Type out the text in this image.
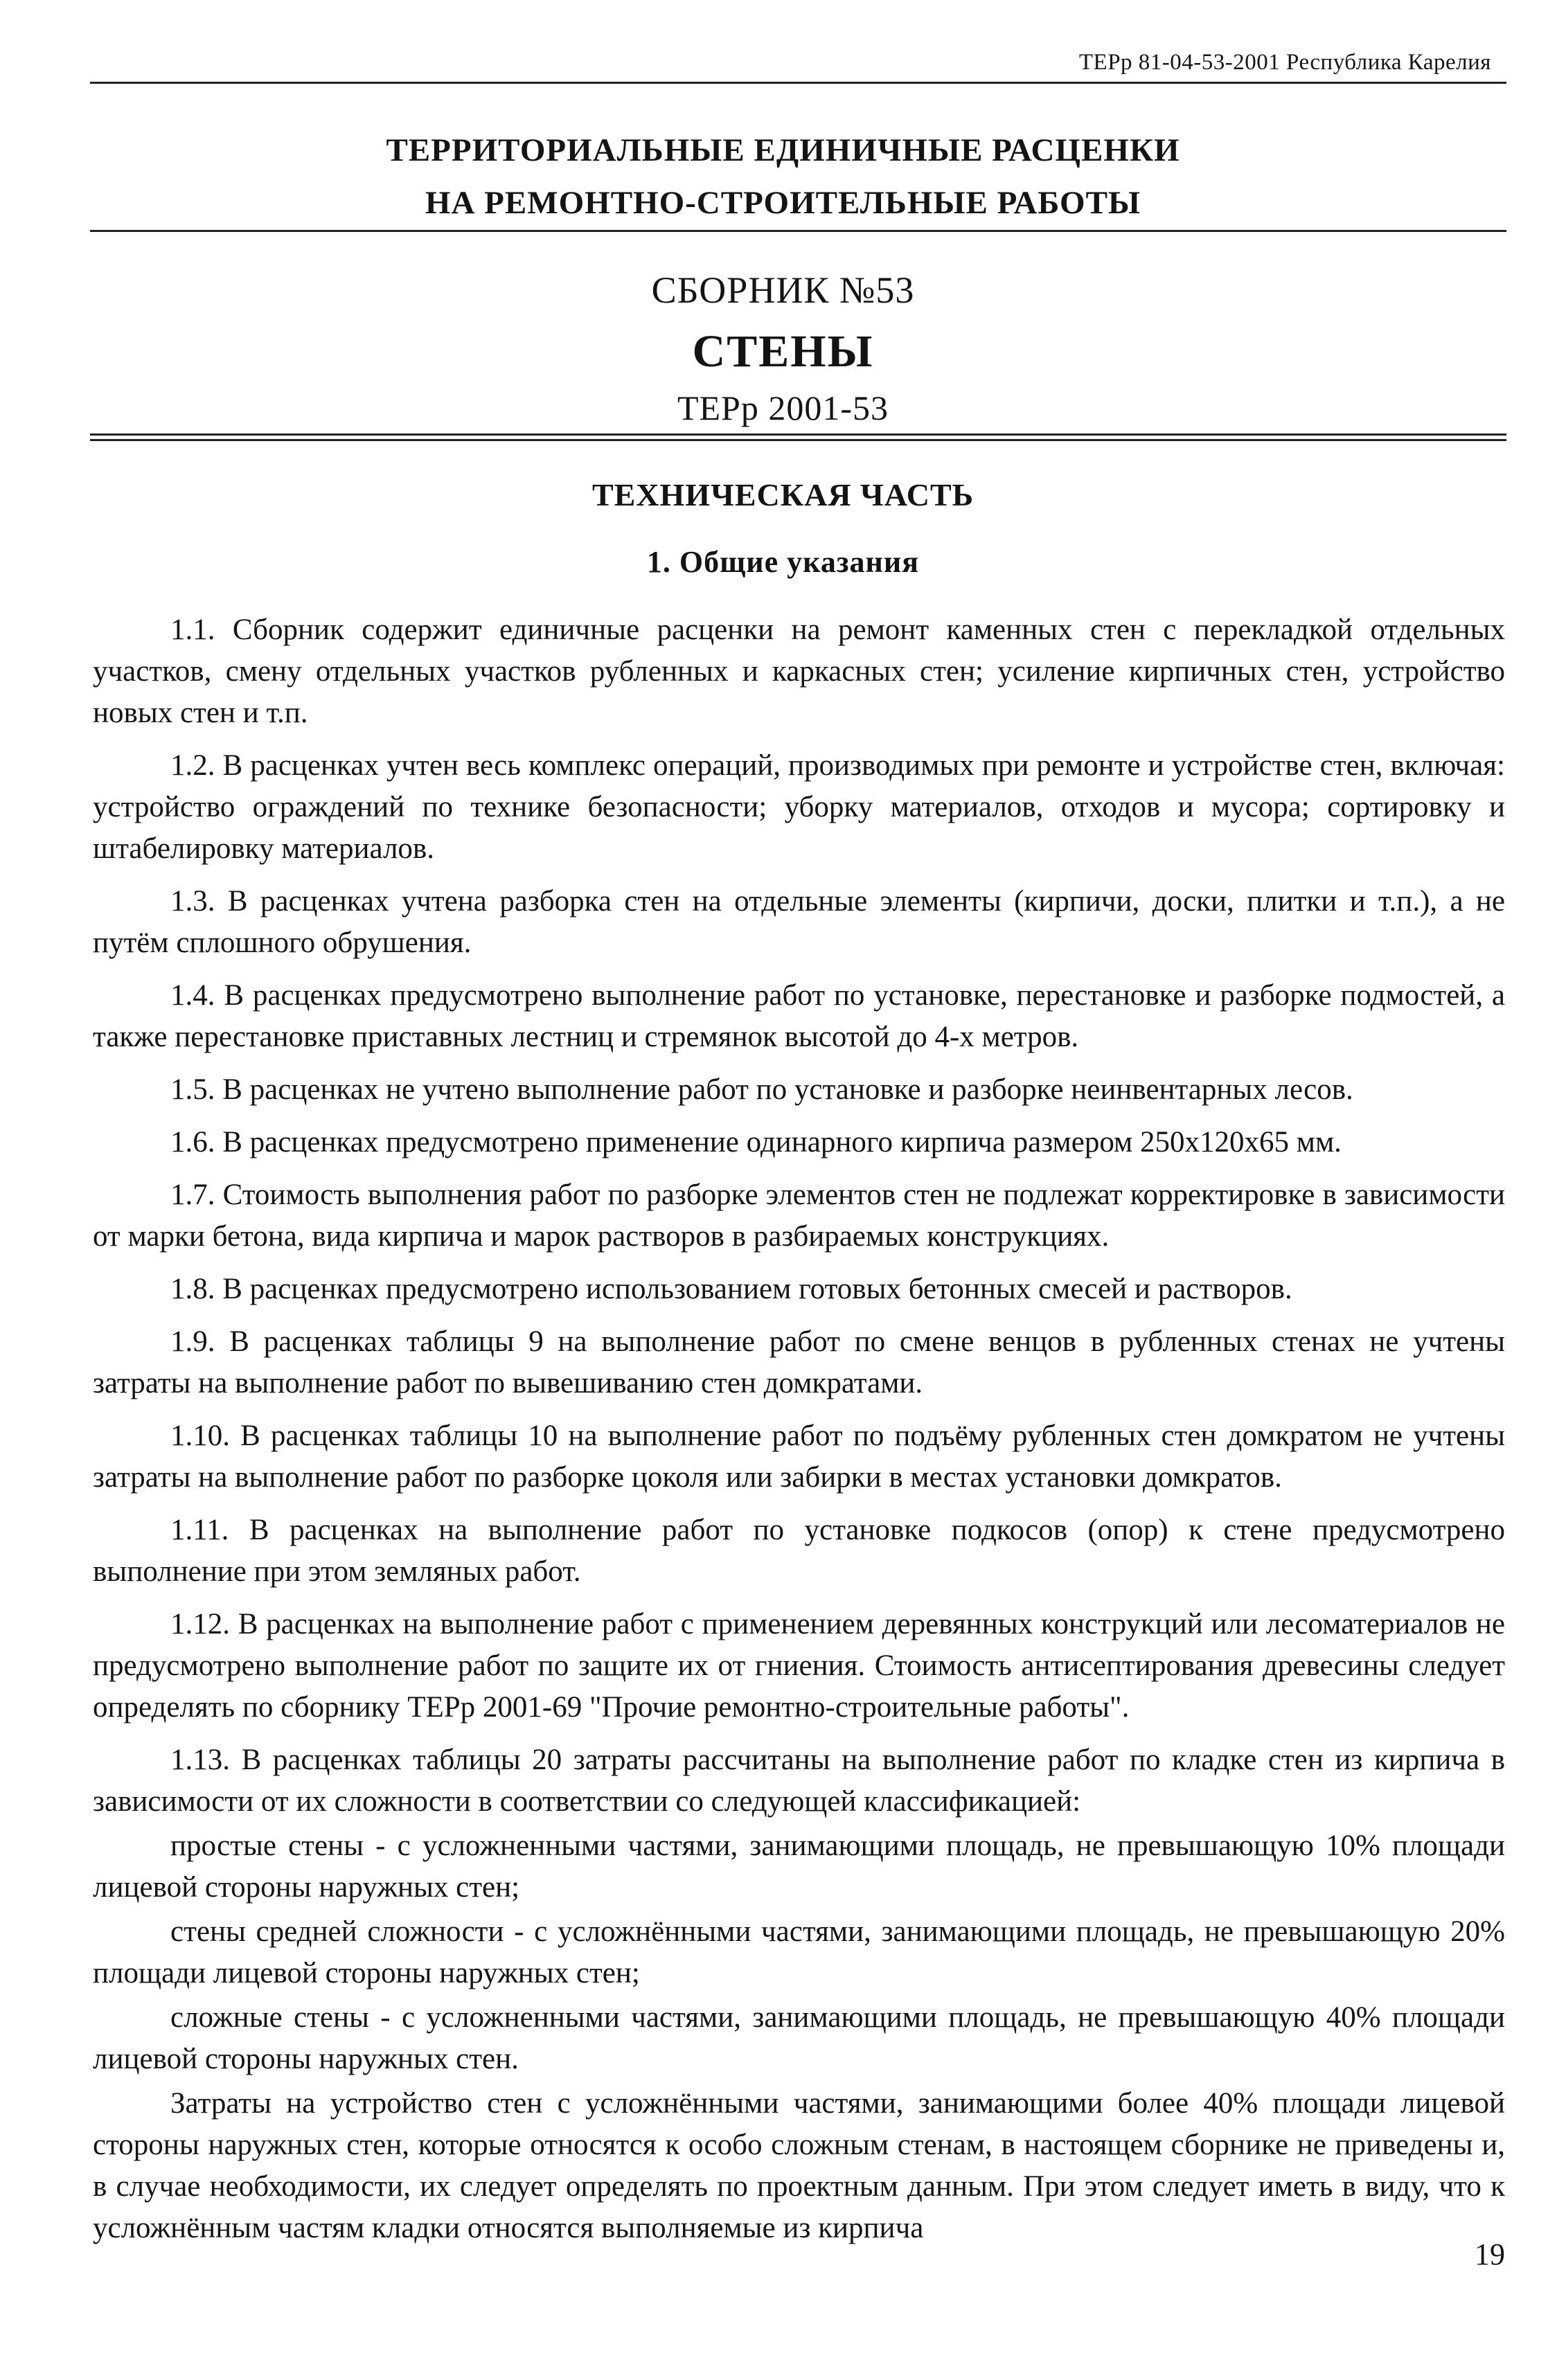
ТЕРр 81-04-53-2001 Республика Карелия
ТЕРРИТОРИАЛЬНЫЕ ЕДИНИЧНЫЕ РАСЦЕНКИ
НА РЕМОНТНО-СТРОИТЕЛЬНЫЕ РАБОТЫ
СБОРНИК №53
СТЕНЫ
ТЕРр 2001-53
ТЕХНИЧЕСКАЯ ЧАСТЬ
1. Общие указания

1.1. Сборник содержит единичные расценки на ремонт каменных стен с перекладкой отдельных участков, смену отдельных участков рубленных и каркасных стен; усиление кирпичных стен, устройство новых стен и т.п.

1.2. В расценках учтен весь комплекс операций, производимых при ремонте и устройстве стен, включая: устройство ограждений по технике безопасности; уборку материалов, отходов и мусора; сортировку и штабелировку материалов.

1.3. В расценках учтена разборка стен на отдельные элементы (кирпичи, доски, плитки и т.п.), а не путём сплошного обрушения.

1.4. В расценках предусмотрено выполнение работ по установке, перестановке и разборке подмостей, а также перестановке приставных лестниц и стремянок высотой до 4-х метров.

1.5. В расценках не учтено выполнение работ по установке и разборке неинвентарных лесов.

1.6. В расценках предусмотрено применение одинарного кирпича размером 250х120х65 мм.

1.7. Стоимость выполнения работ по разборке элементов стен не подлежат корректировке в зависимости от марки бетона, вида кирпича и марок растворов в разбираемых конструкциях.

1.8. В расценках предусмотрено использованием готовых бетонных смесей и растворов.

1.9. В расценках таблицы 9 на выполнение работ по смене венцов в рубленных стенах не учтены затраты на выполнение работ по вывешиванию стен домкратами.

1.10. В расценках таблицы 10 на выполнение работ по подъёму рубленных стен домкратом не учтены затраты на выполнение работ по разборке цоколя или забирки в местах установки домкратов.

1.11. В расценках на выполнение работ по установке подкосов (опор) к стене предусмотрено выполнение при этом земляных работ.

1.12. В расценках на выполнение работ с применением деревянных конструкций или лесоматериалов не предусмотрено выполнение работ по защите их от гниения. Стоимость антисептирования древесины следует определять по сборнику ТЕРр 2001-69 "Прочие ремонтно-строительные работы".

1.13. В расценках таблицы 20 затраты рассчитаны на выполнение работ по кладке стен из кирпича в зависимости от их сложности в соответствии со следующей классификацией:

простые стены - с усложненными частями, занимающими площадь, не превышающую 10% площади лицевой стороны наружных стен;

стены средней сложности - с усложнёнными частями, занимающими площадь, не превышающую 20% площади лицевой стороны наружных стен;

сложные стены - с усложненными частями, занимающими площадь, не превышающую 40% площади лицевой стороны наружных стен.

Затраты на устройство стен с усложнёнными частями, занимающими более 40% площади лицевой стороны наружных стен, которые относятся к особо сложным стенам, в настоящем сборнике не приведены и, в случае необходимости, их следует определять по проектным данным. При этом следует иметь в виду, что к усложнённым частям кладки относятся выполняемые из кирпича

19
